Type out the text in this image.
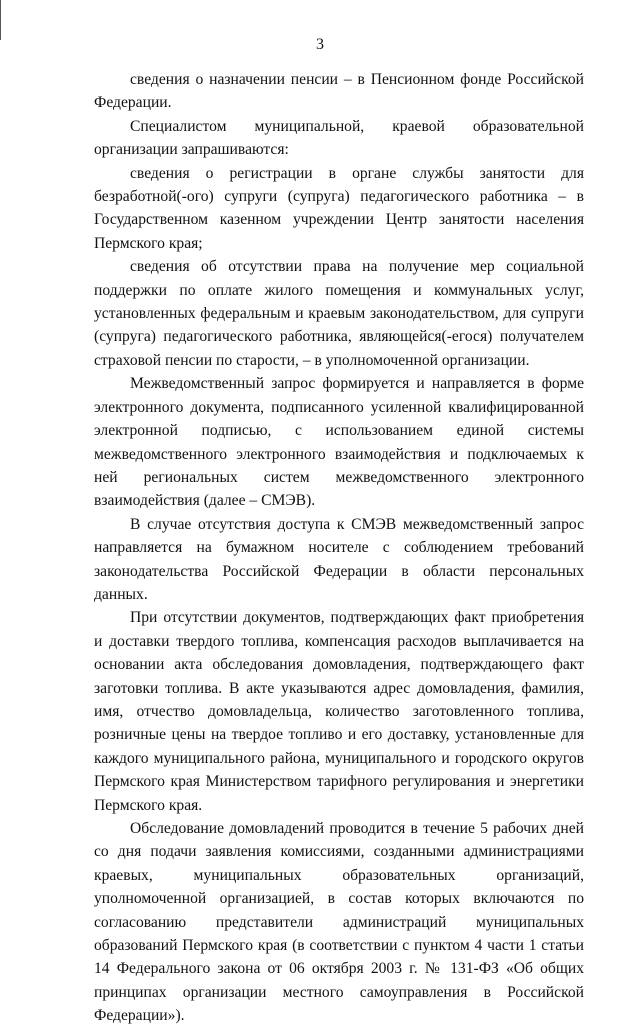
3

сведения о назначении пенсии – в Пенсионном фонде Российской Федерации.

Специалистом муниципальной, краевой образовательной организации запрашиваются:

сведения о регистрации в органе службы занятости для безработной(-ого) супруги (супруга) педагогического работника – в Государственном казенном учреждении Центр занятости населения Пермского края;

сведения об отсутствии права на получение мер социальной поддержки по оплате жилого помещения и коммунальных услуг, установленных федеральным и краевым законодательством, для супруги (супруга) педагогического работника, являющейся(-егося) получателем страховой пенсии по старости, – в уполномоченной организации.

Межведомственный запрос формируется и направляется в форме электронного документа, подписанного усиленной квалифицированной электронной подписью, с использованием единой системы межведомственного электронного взаимодействия и подключаемых к ней региональных систем межведомственного электронного взаимодействия (далее – СМЭВ).

В случае отсутствия доступа к СМЭВ межведомственный запрос направляется на бумажном носителе с соблюдением требований законодательства Российской Федерации в области персональных данных.

При отсутствии документов, подтверждающих факт приобретения и доставки твердого топлива, компенсация расходов выплачивается на основании акта обследования домовладения, подтверждающего факт заготовки топлива. В акте указываются адрес домовладения, фамилия, имя, отчество домовладельца, количество заготовленного топлива, розничные цены на твердое топливо и его доставку, установленные для каждого муниципального района, муниципального и городского округов Пермского края Министерством тарифного регулирования и энергетики Пермского края.

Обследование домовладений проводится в течение 5 рабочих дней со дня подачи заявления комиссиями, созданными администрациями краевых, муниципальных образовательных организаций, уполномоченной организацией, в состав которых включаются по согласованию представители администраций муниципальных образований Пермского края (в соответствии с пунктом 4 части 1 статьи 14 Федерального закона от 06 октября 2003 г. № 131-ФЗ «Об общих принципах организации местного самоуправления в Российской Федерации»).
